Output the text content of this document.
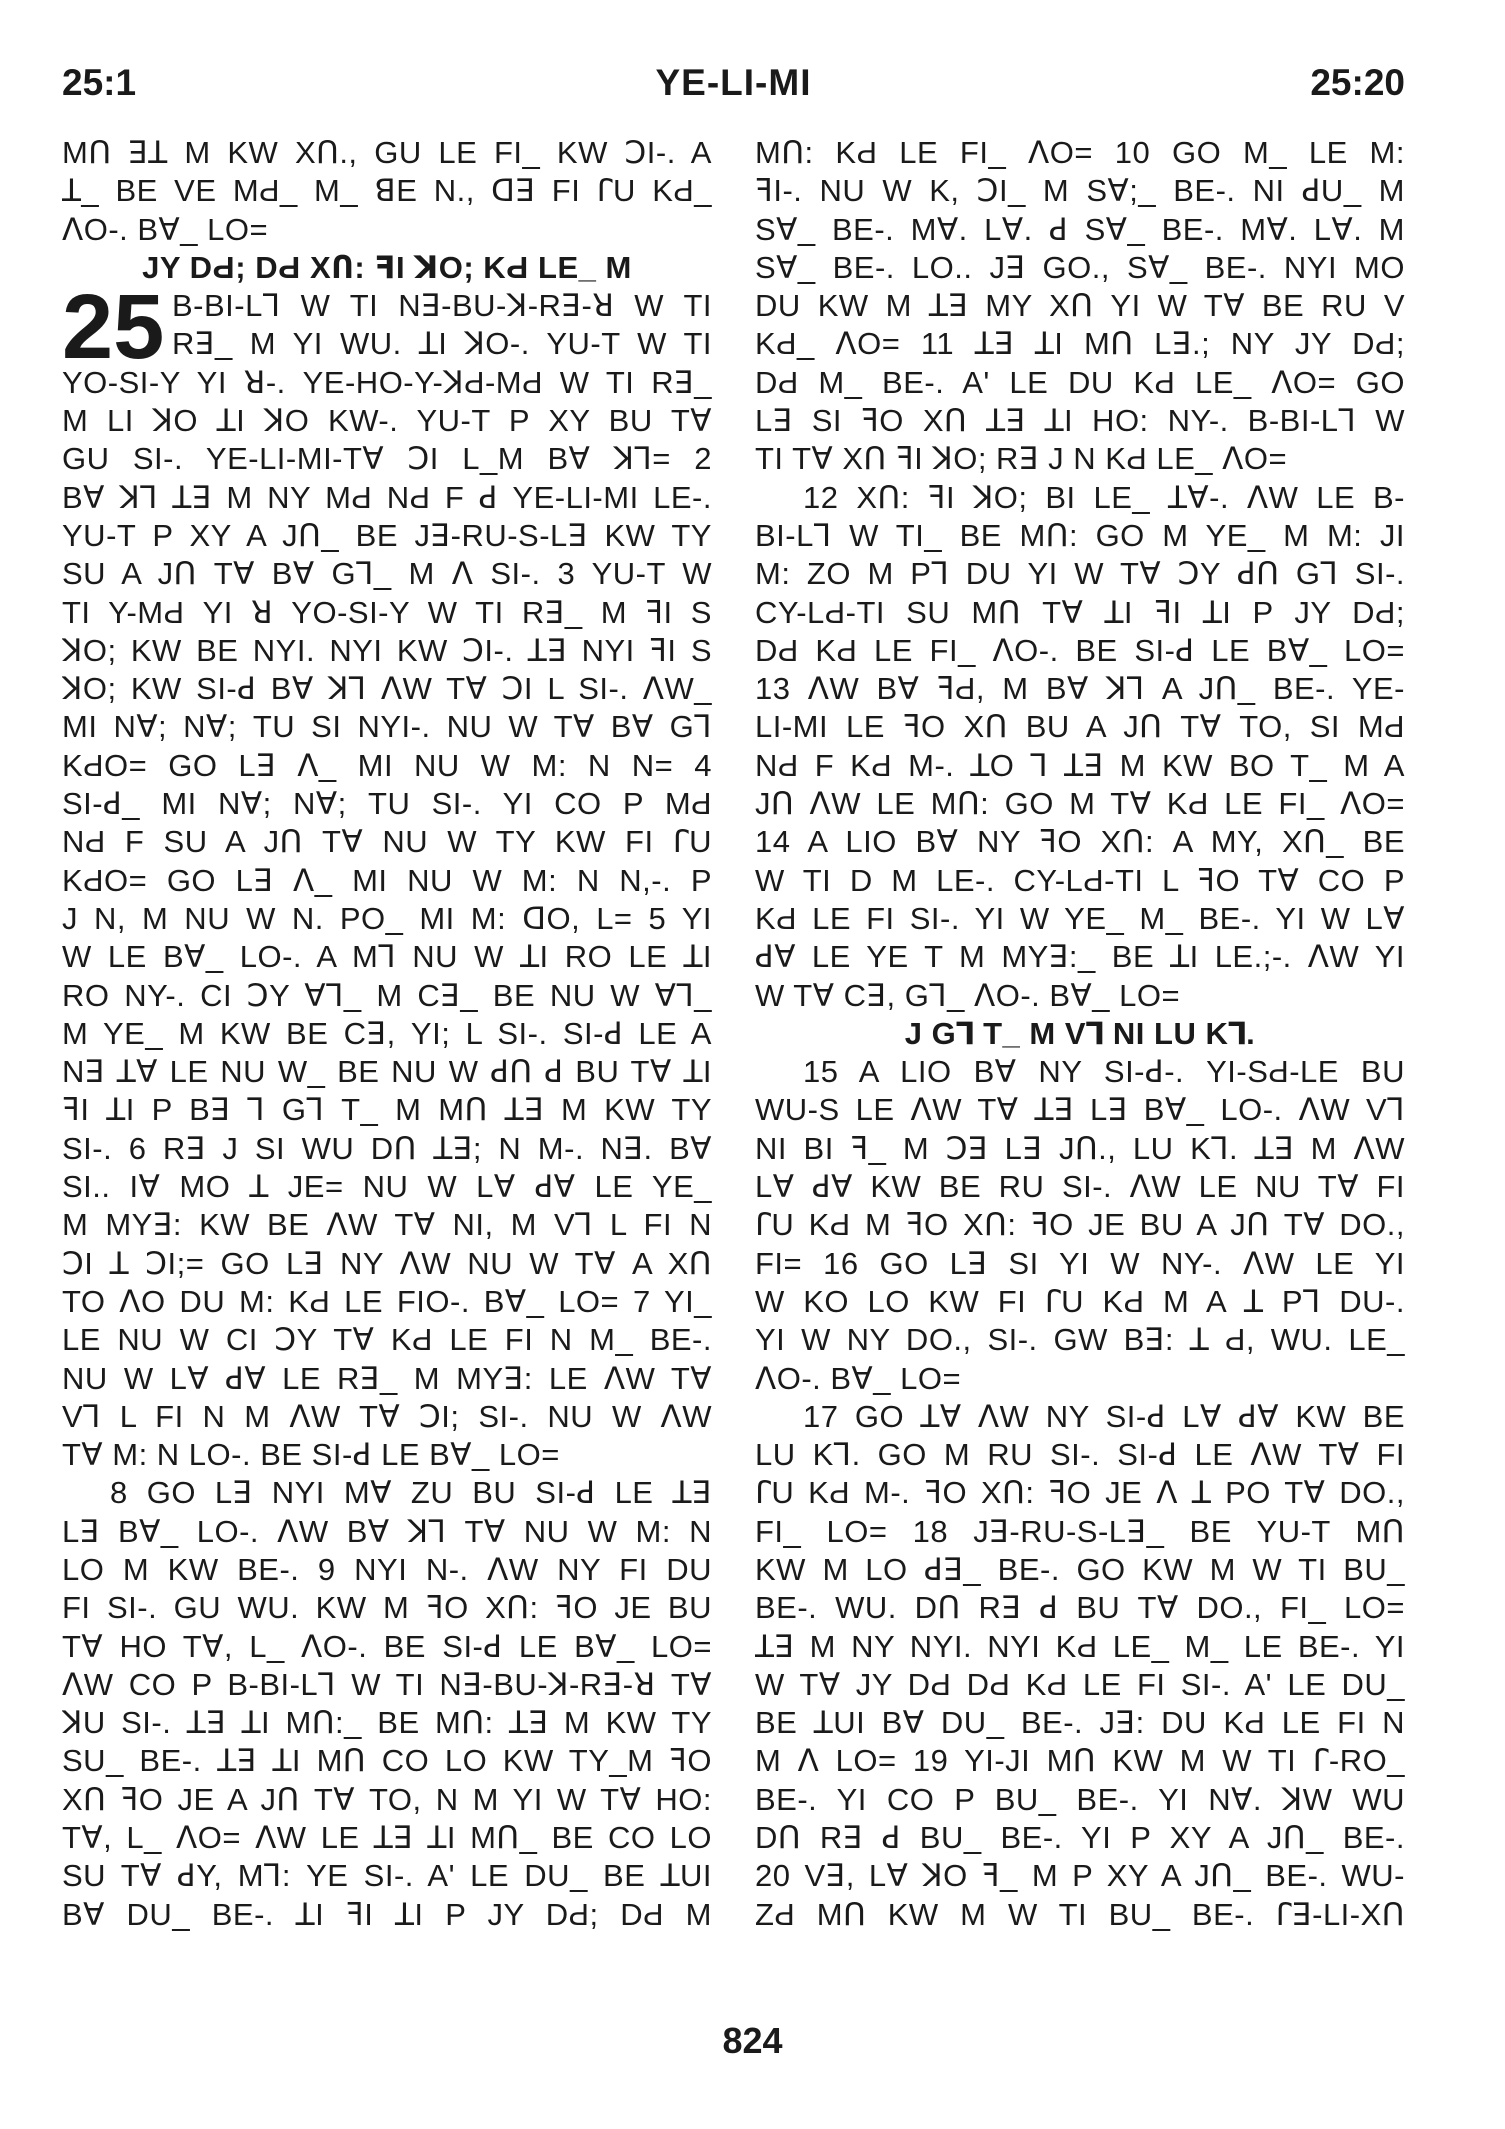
25:1	YE-LI-MI	25:20
MՈ ꓱꓕ M KW XՈ., GU LE FI_ KW ꓛI-. A
ꓕ_ BE VE MԀ_ M_ ꓭE N., ꓷꓱ FI ꓩU KԀ_
ꓥO-. Bꓯ_ LO=
JY DԀ; DԀ XՈ: ꟻI ꓘO; KԀ LE_ M
25 B-BI-Lꓶ W TI Nꓱ-BU-ꓘ-Rꓱ-ꓤ W TI
Rꓱ_ M YI WU. ꓕI ꓘO-. YU-T W TI
YO-SI-Y YI ꓤ-. YE-HO-Y-ꓘԀ-MԀ W TI Rꓱ_
M LI ꓘO ꓕI ꓘO KW-. YU-T P XY BU Tꓯ
GU SI-. YE-LI-MI-Tꓯ ꓛI L_M Bꓯ ꓘꓶ= 2
Bꓯ ꓘꓶ ꓕꓱ M NY MԀ NԀ F ꓒ YE-LI-MI LE-.
YU-T P XY A JՈ_ BE Jꓱ-RU-S-Lꓱ KW TY
SU A JՈ Tꓯ Bꓯ Gꓶ_ M ꓥ SI-. 3 YU-T W
TI Y-MԀ YI ꓤ YO-SI-Y W TI Rꓱ_ M ꟻI S
ꓘO; KW BE NYI. NYI KW ꓛI-. ꓕꓱ NYI ꟻI S
ꓘO; KW SI-ꓒ Bꓯ ꓘꓶ ꓥW Tꓯ ꓛI L SI-. ꓥW_
MI Nꓯ; Nꓯ; TU SI NYI-. NU W Tꓯ Bꓯ Gꓶ
KԀO= GO Lꓱ ꓥ_ MI NU W M: N N= 4
SI-ꓒ_ MI Nꓯ; Nꓯ; TU SI-. YI CO P MԀ
NԀ F SU A JՈ Tꓯ NU W TY KW FI ꓩU
KԀO= GO Lꓱ ꓥ_ MI NU W M: N N,-. P
J N, M NU W N. PO_ MI M: ꓷO, L= 5 YI
W LE Bꓯ_ LO-. A Mꓶ NU W ꓕI RO LE ꓕI
RO NY-. CI ꓛY ꓯꓶ_ M Cꓱ_ BE NU W ꓯꓶ_
M YE_ M KW BE Cꓱ, YI; L SI-. SI-ꓒ LE A
Nꓱ ꓕꓯ LE NU W_ BE NU W ꓒՈ ꓒ BU Tꓯ ꓕI
ꟻI ꓕI P Bꓱ ꓶ Gꓶ T_ M MՈ ꓕꓱ M KW TY
SI-. 6 Rꓱ J SI WU DՈ ꓕꓱ; N M-. Nꓱ. Bꓯ
SI.. Iꓯ MO ꓕ JE= NU W Lꓯ ꓒꓯ LE YE_
M MYꓱ: KW BE ꓥW Tꓯ NI, M Vꓶ L FI N
ꓛI ꓕ ꓛI;= GO Lꓱ NY ꓥW NU W Tꓯ A XՈ
TO ꓥO DU M: KԀ LE FIO-. Bꓯ_ LO= 7 YI_
LE NU W CI ꓛY Tꓯ KԀ LE FI N M_ BE-.
NU W Lꓯ ꓒꓯ LE Rꓱ_ M MYꓱ: LE ꓥW Tꓯ
Vꓶ L FI N M ꓥW Tꓯ ꓛI; SI-. NU W ꓥW
Tꓯ M: N LO-. BE SI-ꓒ LE Bꓯ_ LO=
8 GO Lꓱ NYI Mꓯ ZU BU SI-ꓒ LE ꓕꓱ
Lꓱ Bꓯ_ LO-. ꓥW Bꓯ ꓘꓶ Tꓯ NU W M: N
LO M KW BE-. 9 NYI N-. ꓥW NY FI DU
FI SI-. GU WU. KW M ꟻO XՈ: ꟻO JE BU
Tꓯ HO Tꓯ, L_ ꓥO-. BE SI-ꓒ LE Bꓯ_ LO=
ꓥW CO P B-BI-Lꓶ W TI Nꓱ-BU-ꓘ-Rꓱ-ꓤ Tꓯ
ꓘU SI-. ꓕꓱ ꓕI MՈ:_ BE MՈ: ꓕꓱ M KW TY
SU_ BE-. ꓕꓱ ꓕI MՈ CO LO KW TY_M ꟻO
XՈ ꟻO JE A JՈ Tꓯ TO, N M YI W Tꓯ HO:
Tꓯ, L_ ꓥO= ꓥW LE ꓕꓱ ꓕI MՈ_ BE CO LO
SU Tꓯ ꓒY, Mꓶ: YE SI-. A' LE DU_ BE ꓕUI
Bꓯ DU_ BE-. ꓕI ꟻI ꓕI P JY DԀ; DԀ M
MՈ: KԀ LE FI_ ꓥO= 10 GO M_ LE M:
ꟻI-. NU W K, ꓛI_ M Sꓯ;_ BE-. NI ꓒU_ M
Sꓯ_ BE-. Mꓯ. Lꓯ. ꓒ Sꓯ_ BE-. Mꓯ. Lꓯ. M
Sꓯ_ BE-. LO.. Jꓱ GO., Sꓯ_ BE-. NYI MO
DU KW M ꓕꓱ MY XՈ YI W Tꓯ BE RU V
KԀ_ ꓥO= 11 ꓕꓱ ꓕI MՈ Lꓱ.; NY JY DԀ;
DԀ M_ BE-. A' LE DU KԀ LE_ ꓥO= GO
Lꓱ SI ꟻO XՈ ꓕꓱ ꓕI HO: NY-. B-BI-Lꓶ W
TI Tꓯ XՈ ꟻI ꓘO; Rꓱ J N KԀ LE_ ꓥO=
12 XՈ: ꟻI ꓘO; BI LE_ ꓕꓯ-. ꓥW LE B-
BI-Lꓶ W TI_ BE MՈ: GO M YE_ M M: JI
M: ZO M Pꓶ DU YI W Tꓯ ꓛY ꓒՈ Gꓶ SI-.
CY-LԀ-TI SU MՈ Tꓯ ꓕI ꟻI ꓕI P JY DԀ;
DԀ KԀ LE FI_ ꓥO-. BE SI-ꓒ LE Bꓯ_ LO=
13 ꓥW Bꓯ ꟻԀ, M Bꓯ ꓘꓶ A JՈ_ BE-. YE-
LI-MI LE ꟻO XՈ BU A JՈ Tꓯ TO, SI MԀ
NԀ F KԀ M-. ꓕO ꓶ ꓕꓱ M KW BO T_ M A
JՈ ꓥW LE MՈ: GO M Tꓯ KԀ LE FI_ ꓥO=
14 A LIO Bꓯ NY ꟻO XՈ: A MY, XՈ_ BE
W TI D M LE-. CY-LԀ-TI L ꟻO Tꓯ CO P
KԀ LE FI SI-. YI W YE_ M_ BE-. YI W Lꓯ
ꓒꓯ LE YE T M MYꓱ:_ BE ꓕI LE.;-. ꓥW YI
W Tꓯ Cꓱ, Gꓶ_ ꓥO-. Bꓯ_ LO=
J Gꓶ T_ M Vꓶ NI LU Kꓶ.
15 A LIO Bꓯ NY SI-ꓒ-. YI-SԀ-LE BU
WU-S LE ꓥW Tꓯ ꓕꓱ Lꓱ Bꓯ_ LO-. ꓥW Vꓶ
NI BI ꟻ_ M ꓛꓱ Lꓱ JՈ., LU Kꓶ. ꓕꓱ M ꓥW
Lꓯ ꓒꓯ KW BE RU SI-. ꓥW LE NU Tꓯ FI
ꓩU KԀ M ꟻO XՈ: ꟻO JE BU A JՈ Tꓯ DO.,
FI= 16 GO Lꓱ SI YI W NY-. ꓥW LE YI
W KO LO KW FI ꓩU KԀ M A ꓕ Pꓶ DU-.
YI W NY DO., SI-. GW Bꓱ: ꓕ Ԁ, WU. LE_
ꓥO-. Bꓯ_ LO=
17 GO ꓕꓯ ꓥW NY SI-ꓒ Lꓯ ꓒꓯ KW BE
LU Kꓶ. GO M RU SI-. SI-ꓒ LE ꓥW Tꓯ FI
ꓩU KԀ M-. ꟻO XՈ: ꟻO JE ꓥ ꓕ PO Tꓯ DO.,
FI_ LO= 18 Jꓱ-RU-S-Lꓱ_ BE YU-T MՈ
KW M LO ꓒꓱ_ BE-. GO KW M W TI BU_
BE-. WU. DՈ Rꓱ ꓒ BU Tꓯ DO., FI_ LO=
ꓕꓱ M NY NYI. NYI KԀ LE_ M_ LE BE-. YI
W Tꓯ JY DԀ DԀ KԀ LE FI SI-. A' LE DU_
BE ꓕUI Bꓯ DU_ BE-. Jꓱ: DU KԀ LE FI N
M ꓥ LO= 19 YI-JI MՈ KW M W TI ꓩ-RO_
BE-. YI CO P BU_ BE-. YI Nꓯ. ꓘW WU
DՈ Rꓱ ꓒ BU_ BE-. YI P XY A JՈ_ BE-.
20 Vꓱ, Lꓯ ꓘO ꟻ_ M P XY A JՈ_ BE-. WU-
ZԀ MՈ KW M W TI BU_ BE-. ꓩꓱ-LI-XՈ
824
